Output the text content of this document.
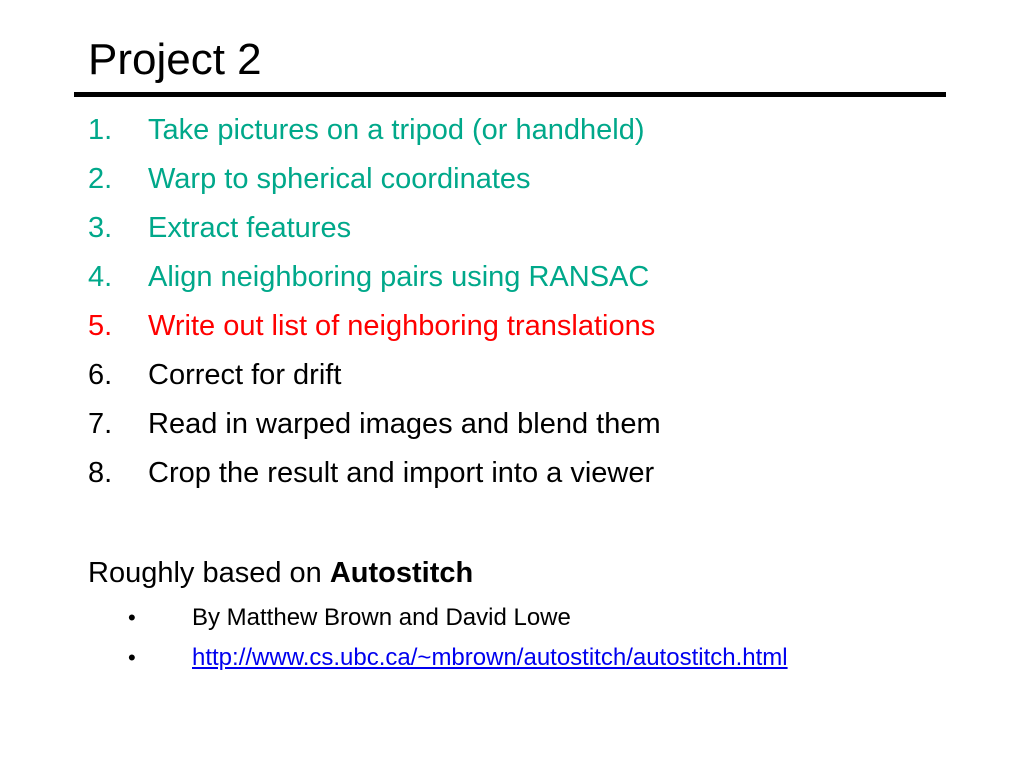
Project 2
1.	Take pictures on a tripod (or handheld)
2.	Warp to spherical coordinates
3.	Extract features
4.	Align neighboring pairs using RANSAC
5.	Write out list of neighboring translations
6.	Correct for drift
7.	Read in warped images and blend them
8.	Crop the result and import into a viewer

Roughly based on Autostitch

•	By Matthew Brown and David Lowe
•	http://www.cs.ubc.ca/~mbrown/autostitch/autostitch.html
